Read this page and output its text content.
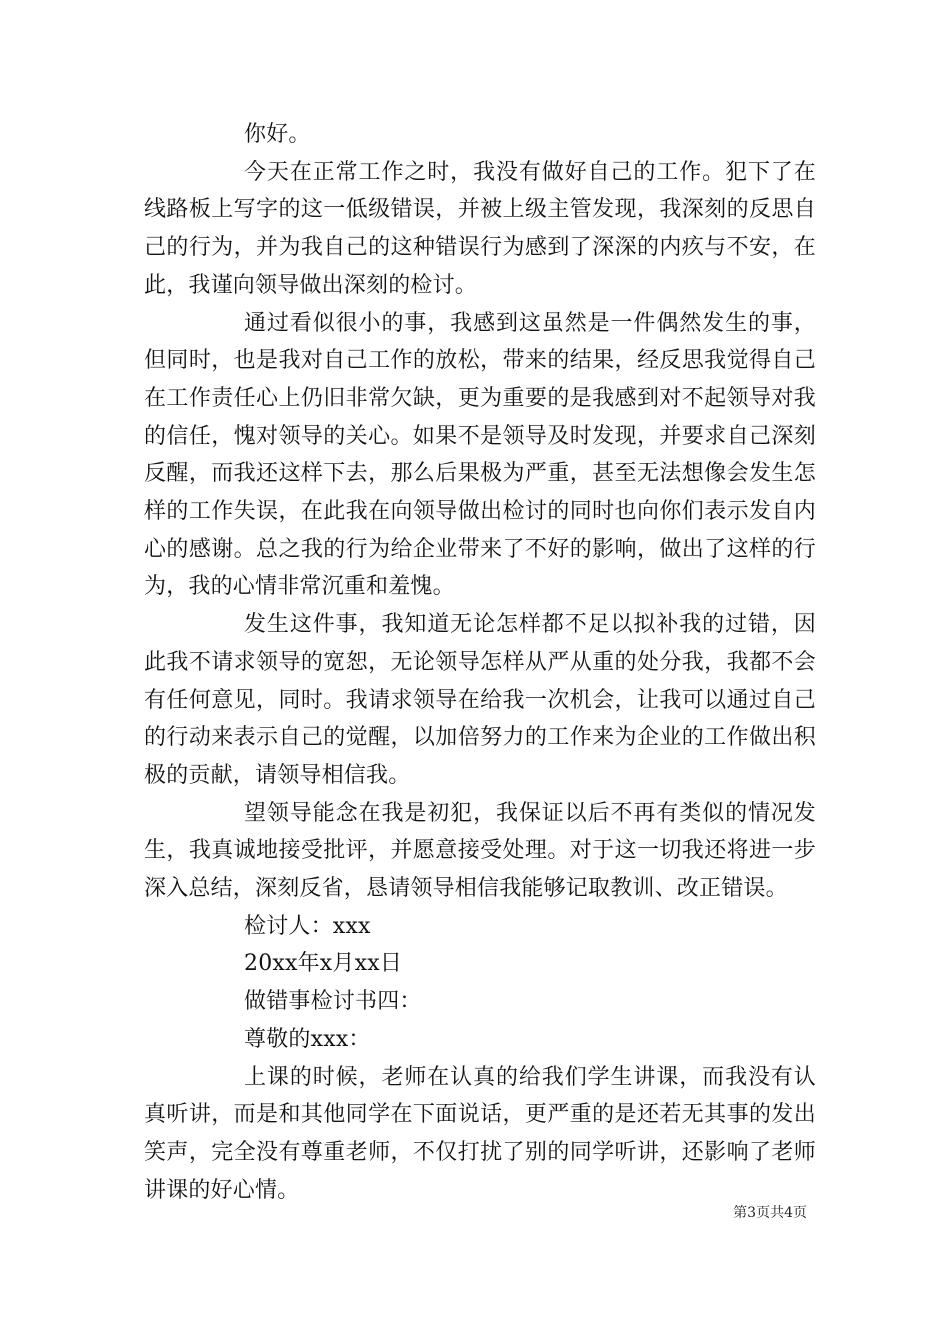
你好。

今天在正常工作之时，我没有做好自己的工作。犯下了在线路板上写字的这一低级错误，并被上级主管发现，我深刻的反思自己的行为，并为我自己的这种错误行为感到了深深的内疚与不安，在此，我谨向领导做出深刻的检讨。

通过看似很小的事，我感到这虽然是一件偶然发生的事，但同时，也是我对自己工作的放松，带来的结果，经反思我觉得自己在工作责任心上仍旧非常欠缺，更为重要的是我感到对不起领导对我的信任，愧对领导的关心。如果不是领导及时发现，并要求自己深刻反醒，而我还这样下去，那么后果极为严重，甚至无法想像会发生怎样的工作失误，在此我在向领导做出检讨的同时也向你们表示发自内心的感谢。总之我的行为给企业带来了不好的影响，做出了这样的行为，我的心情非常沉重和羞愧。

发生这件事，我知道无论怎样都不足以拟补我的过错，因此我不请求领导的宽恕，无论领导怎样从严从重的处分我，我都不会有任何意见，同时。我请求领导在给我一次机会，让我可以通过自己的行动来表示自己的觉醒，以加倍努力的工作来为企业的工作做出积极的贡献，请领导相信我。

望领导能念在我是初犯，我保证以后不再有类似的情况发生，我真诚地接受批评，并愿意接受处理。对于这一切我还将进一步深入总结，深刻反省，恳请领导相信我能够记取教训、改正错误。

检讨人：xxx

20xx年x月xx日

做错事检讨书四：

尊敬的xxx：

上课的时候，老师在认真的给我们学生讲课，而我没有认真听讲，而是和其他同学在下面说话，更严重的是还若无其事的发出笑声，完全没有尊重老师，不仅打扰了别的同学听讲，还影响了老师讲课的好心情。

第3页共4页
